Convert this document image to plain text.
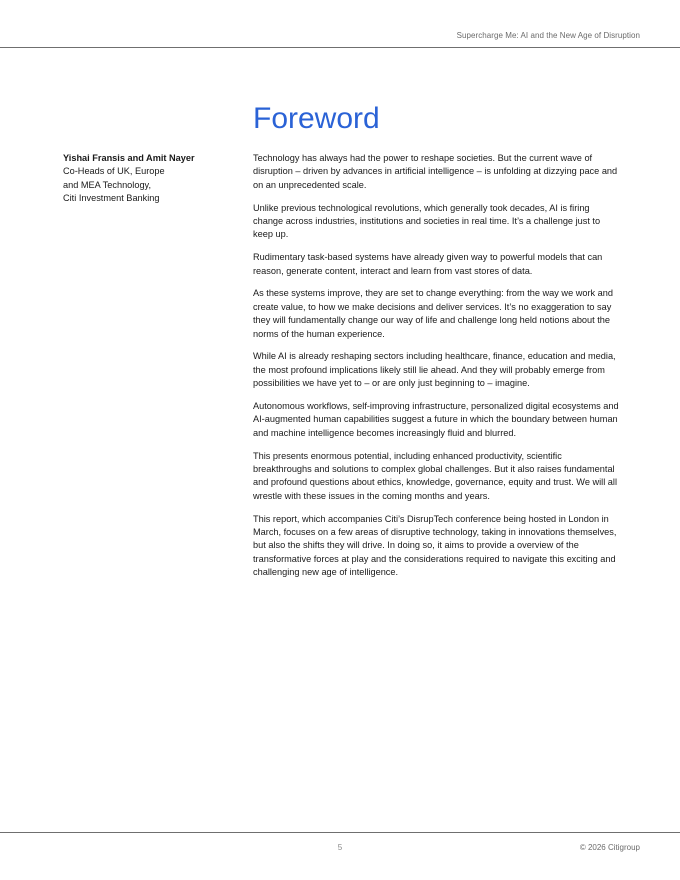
Supercharge Me: AI and the New Age of Disruption
Foreword
Yishai Fransis and Amit Nayer
Co-Heads of UK, Europe
and MEA Technology,
Citi Investment Banking

Technology has always had the power to reshape societies. But the current wave of disruption – driven by advances in artificial intelligence – is unfolding at dizzying pace and on an unprecedented scale.

Unlike previous technological revolutions, which generally took decades, AI is firing change across industries, institutions and societies in real time. It’s a challenge just to keep up.

Rudimentary task-based systems have already given way to powerful models that can reason, generate content, interact and learn from vast stores of data.

As these systems improve, they are set to change everything: from the way we work and create value, to how we make decisions and deliver services. It’s no exaggeration to say they will fundamentally change our way of life and challenge long held notions about the norms of the human experience.

While AI is already reshaping sectors including healthcare, finance, education and media, the most profound implications likely still lie ahead. And they will probably emerge from possibilities we have yet to – or are only just beginning to – imagine.

Autonomous workflows, self-improving infrastructure, personalized digital ecosystems and AI-augmented human capabilities suggest a future in which the boundary between human and machine intelligence becomes increasingly fluid and blurred.

This presents enormous potential, including enhanced productivity, scientific breakthroughs and solutions to complex global challenges. But it also raises fundamental and profound questions about ethics, knowledge, governance, equity and trust. We will all wrestle with these issues in the coming months and years.

This report, which accompanies Citi’s DisrupTech conference being hosted in London in March, focuses on a few areas of disruptive technology, taking in innovations themselves, but also the shifts they will drive. In doing so, it aims to provide a overview of the transformative forces at play and the considerations required to navigate this exciting and challenging new age of intelligence.

5	© 2026 Citigroup
